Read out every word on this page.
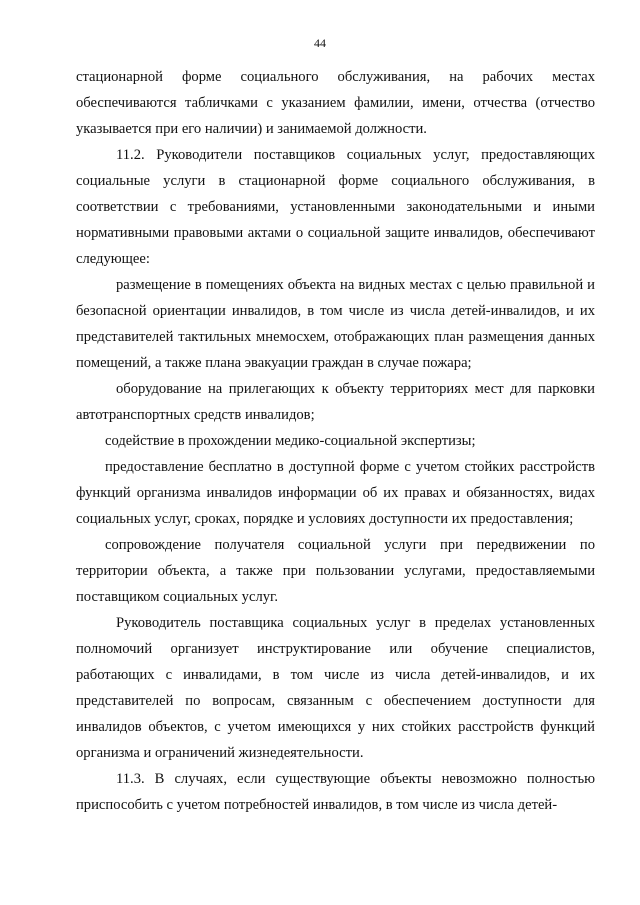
44

стационарной форме социального обслуживания, на рабочих местах обеспечиваются табличками с указанием фамилии, имени, отчества (отчество указывается при его наличии) и занимаемой должности.

11.2. Руководители поставщиков социальных услуг, предоставляющих социальные услуги в стационарной форме социального обслуживания, в соответствии с требованиями, установленными законодательными и иными нормативными правовыми актами о социальной защите инвалидов, обеспечивают следующее:

размещение в помещениях объекта на видных местах с целью правильной и безопасной ориентации инвалидов, в том числе из числа детей-инвалидов, и их представителей тактильных мнемосхем, отображающих план размещения данных помещений, а также плана эвакуации граждан в случае пожара;

оборудование на прилегающих к объекту территориях мест для парковки автотранспортных средств инвалидов;

содействие в прохождении медико-социальной экспертизы;

предоставление бесплатно в доступной форме с учетом стойких расстройств функций организма инвалидов информации об их правах и обязанностях, видах социальных услуг, сроках, порядке и условиях доступности их предоставления;

сопровождение получателя социальной услуги при передвижении по территории объекта, а также при пользовании услугами, предоставляемыми поставщиком социальных услуг.

Руководитель поставщика социальных услуг в пределах установленных полномочий организует инструктирование или обучение специалистов, работающих с инвалидами, в том числе из числа детей-инвалидов, и их представителей по вопросам, связанным с обеспечением доступности для инвалидов объектов, с учетом имеющихся у них стойких расстройств функций организма и ограничений жизнедеятельности.

11.3. В случаях, если существующие объекты невозможно полностью приспособить с учетом потребностей инвалидов, в том числе из числа детей-
